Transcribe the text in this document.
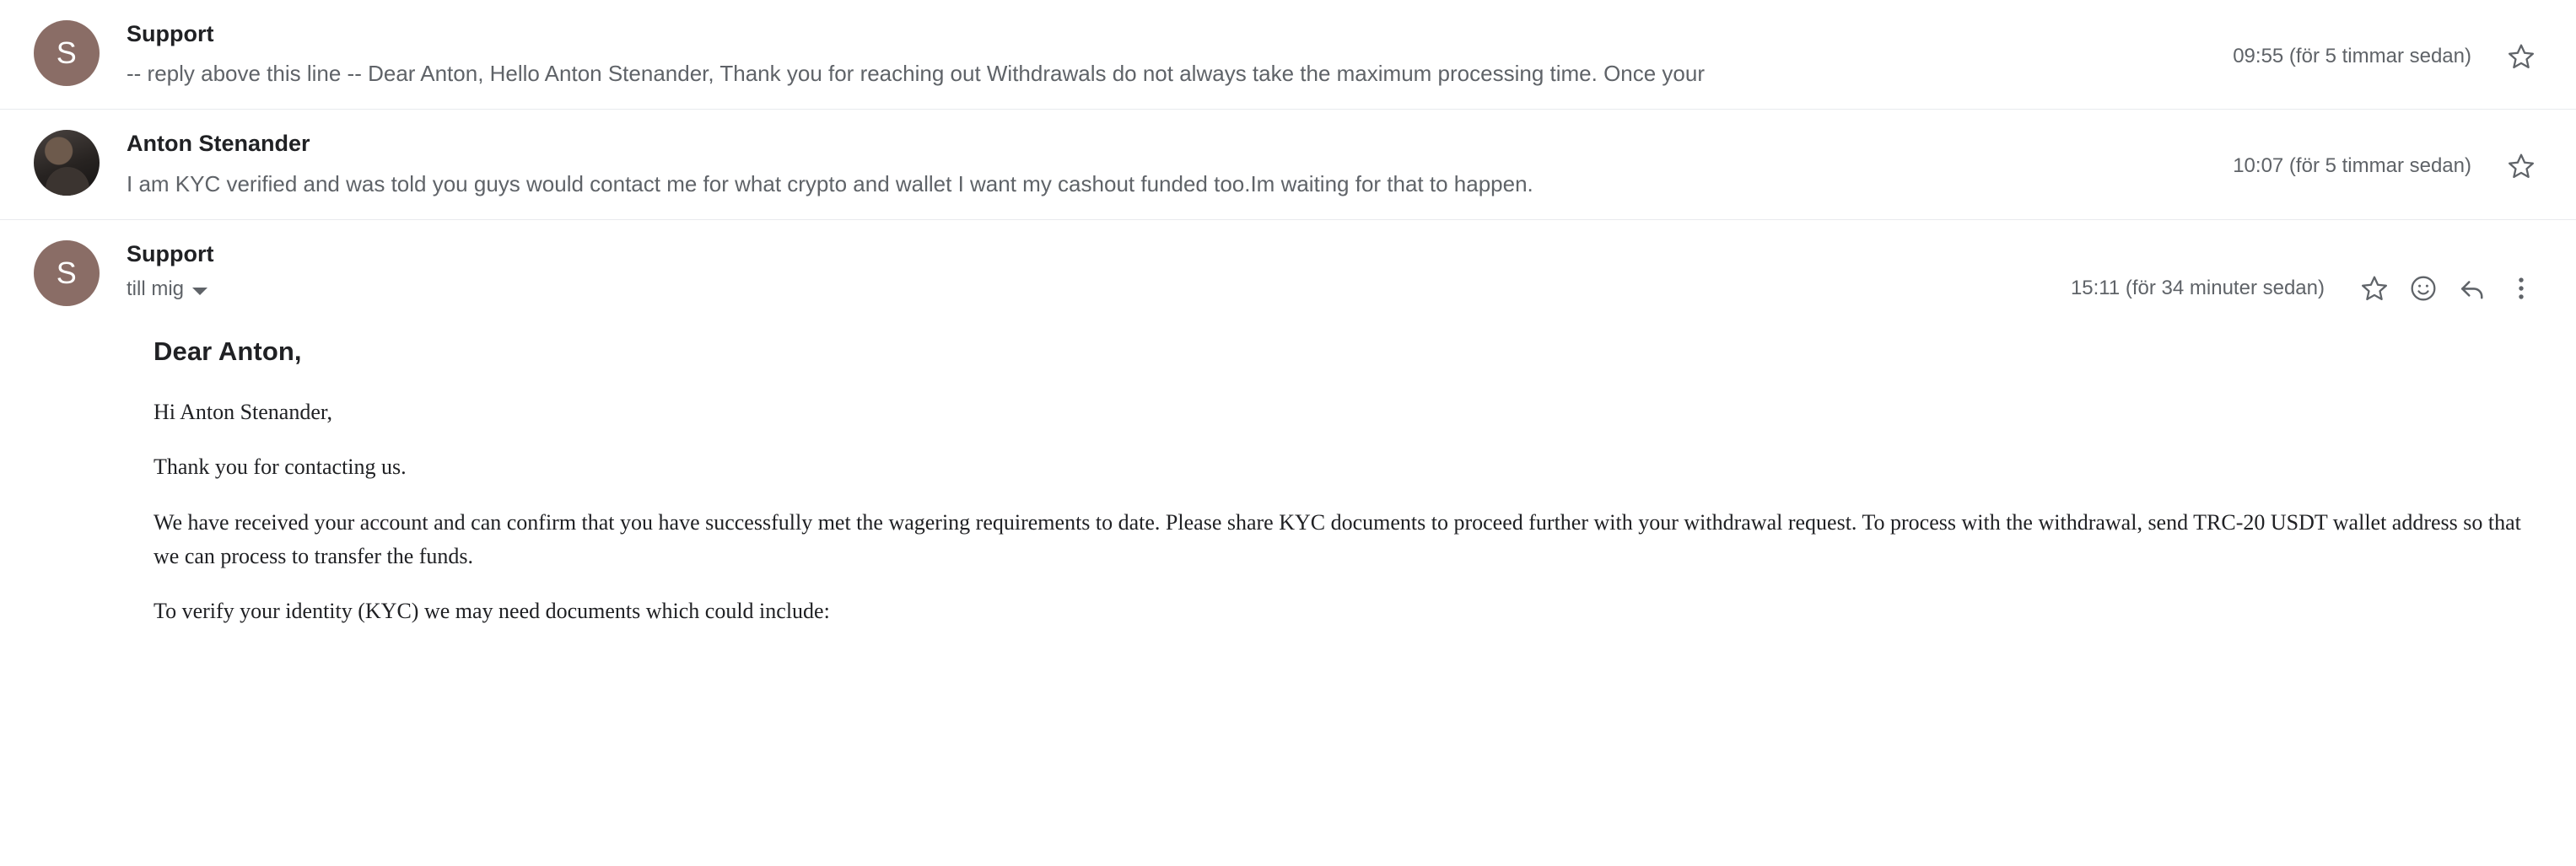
S
Support
-- reply above this line -- Dear Anton, Hello Anton Stenander, Thank you for reaching out Withdrawals do not always take the maximum processing time. Once your
09:55 (för 5 timmar sedan)
Anton Stenander
I am KYC verified and was told you guys would contact me for what crypto and wallet I want my cashout funded too.Im waiting for that to happen.
10:07 (för 5 timmar sedan)
S
Support
till mig	15:11 (för 34 minuter sedan)
Dear Anton,

Hi Anton Stenander,

Thank you for contacting us.

We have received your account and can confirm that you have successfully met the wagering requirements to date. Please share KYC documents to proceed further with your withdrawal request. To process with the withdrawal, send TRC-20 USDT wallet address so that we can process to transfer the funds.

To verify your identity (KYC) we may need documents which could include:
